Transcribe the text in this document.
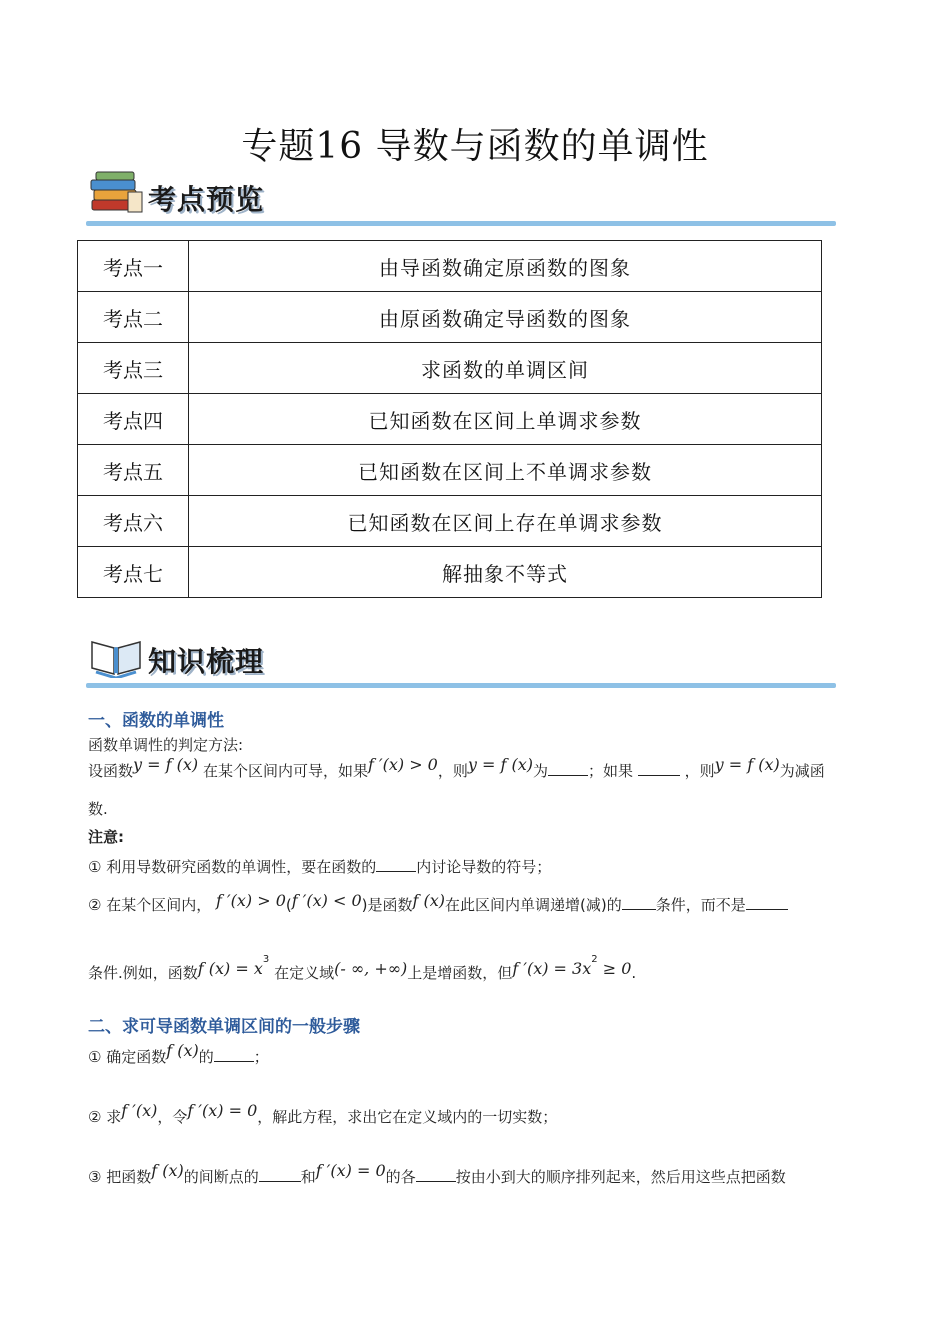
专题16 导数与函数的单调性
考点预览
考点一	由导函数确定原函数的图象
考点二	由原函数确定导函数的图象
考点三	求函数的单调区间
考点四	已知函数在区间上单调求参数
考点五	已知函数在区间上不单调求参数
考点六	已知函数在区间上存在单调求参数
考点七	解抽象不等式
知识梳理
一、函数的单调性
函数单调性的判定方法:
设函数y = f (x) 在某个区间内可导，如果f ′(x) > 0，则y = f (x)为	；如果	，则y = f (x)为减函
数.
注意:
① 利用导数研究函数的单调性，要在函数的	内讨论导数的符号；
② 在某个区间内， f ′(x) > 0(f ′(x) < 0)是函数f (x)在此区间内单调递增(减)的 条件，而不是
条件.例如，函数f $(x) = x^3$ 在定义域(- ∞, +∞)上是增函数，但f $'(x) = 3x^2 \ge 0$.
二、求可导函数单调区间的一般步骤
① 确定函数f (x)的	；
② 求f ′(x)，令f ′(x) = 0，解此方程，求出它在定义域内的一切实数；
③ 把函数f (x)的间断点的	和f ′(x) = 0的各	按由小到大的顺序排列起来，然后用这些点把函数
